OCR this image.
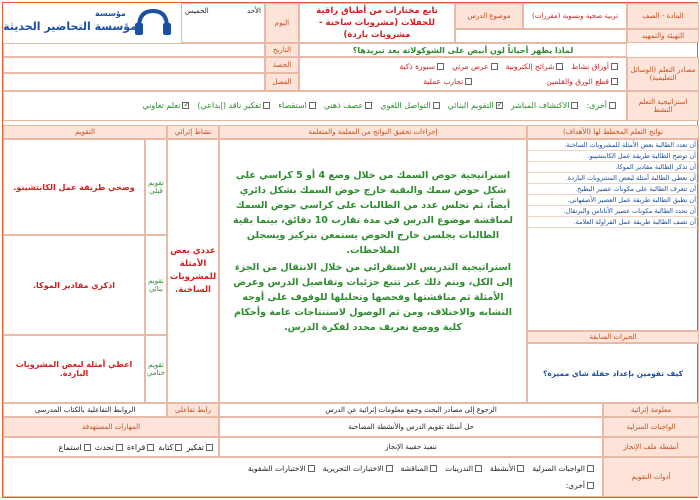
مؤسسة
مؤسسة التحاضير الحديثة
المادة - الصف
تربية صحية ونسوية (مقررات)
موضوع الدرس
تابع مختارات من أطباق راقية للحفلات (مشروبات ساخنة - مشروبات باردة)
اليوم
الأحد
الخميس
التهيئة والتمهيد
لماذا يظهر أحياناً لون أبيض على الشوكولاتة بعد تبريدها؟
التاريخ
الحصة
الفصل
مصادر التعلم (الوسائل التعليمية)
سبورة ذكية عرض مرئي شرائح إلكترونية أوراق نشاط
تجارب عملية	قطع الورق والقلمين
استراتيجية التعلم النشط
✓
تعلم تعاوني تفكير ناقد (إبداعي) استقصاء عصف ذهني التواصل اللغوي
✓ التقويم البنائي الاكتشاف المباشر أخرى:
نواتج التعلم المخطط لها (الأهداف)
إجراءات تحقيق النواتج من المعلمة والمتعلمة
نشاط إثرائي
التقويم
أن تعدد الطالبة بعض الأمثلة للمشروبات الساخنة.
أن توضح الطالبة طريقة عمل الكابتشينو.
أن تذكر الطالبة مقادير الموكا.
أن تعطي الطالبة أمثلة لبعض المشروبات الباردة.
أن تتعرف الطالبة على مكونات عصير البطيخ.
أن تطبق الطالبة طريقة عمل العصير الأصفهاني.
أن تحدد الطالبة مكونات عصير الأناناس والبرتقال.
أن تصف الطالبة طريقة عمل الفراولة العلامة.
الخبرات السابقة
كيف تقومين بإعداد حفلة شاي مميزة؟

استراتيجية حوض السمك من خلال وضع 4 أو 5 كراسي على شكل حوض سمك والبقية خارج حوض السمك بشكل دائري أيضاً، ثم تجلس عدد من الطالبات على كراسي حوض السمك لمناقشة موضوع الدرس في مدة تقارب 10 دقائق، بينما بقية الطالبات يجلسن خارج الحوض يستمعن بتركيز ويسجلن الملاحظات.

استراتيجية التدريس الاستقرائي من خلال الانتقال من الجزء إلى الكل، ويتم ذلك عبر تتبع جزئيات وتفاصيل الدرس وعرض الأمثلة ثم مناقشتها وفحصها وتحليلها للوقوف على أوجه التشابه والاختلاف، ومن ثم الوصول لاستنتاجات عامة وأحكام كلية ووضع تعريف محدد لفكرة الدرس.

عددي بعض الأمثلة للمشروبات الساخنة.
وضحي طريقة عمل الكابتشينو.	تقويم قبلي
اذكري مقادير الموكا.	تقويم بنائي
اعطي أمثلة لبعض المشروبات الباردة.
تقويم ختامي
معلومة إثرائية
الرجوع إلى مصادر البحث وجمع معلومات إثرائية عن الدرس
رابط تفاعلي
الروابط التفاعلية بالكتاب المدرسي
الواجبات المنزلية
حل أسئلة تقويم الدرس والأنشطة المصاحبة
المهارات المستهدفة
أنشطة ملف الإنجاز
تنفيذ حقيبة الإنجاز
استماع تحدث قراءة كتابة تفكير
أدوات التقويم
الاختبارات الشفوية الاختبارات التحريرية المناقشة التدريبات الأنشطة الواجبات المنزلية
أخرى:
